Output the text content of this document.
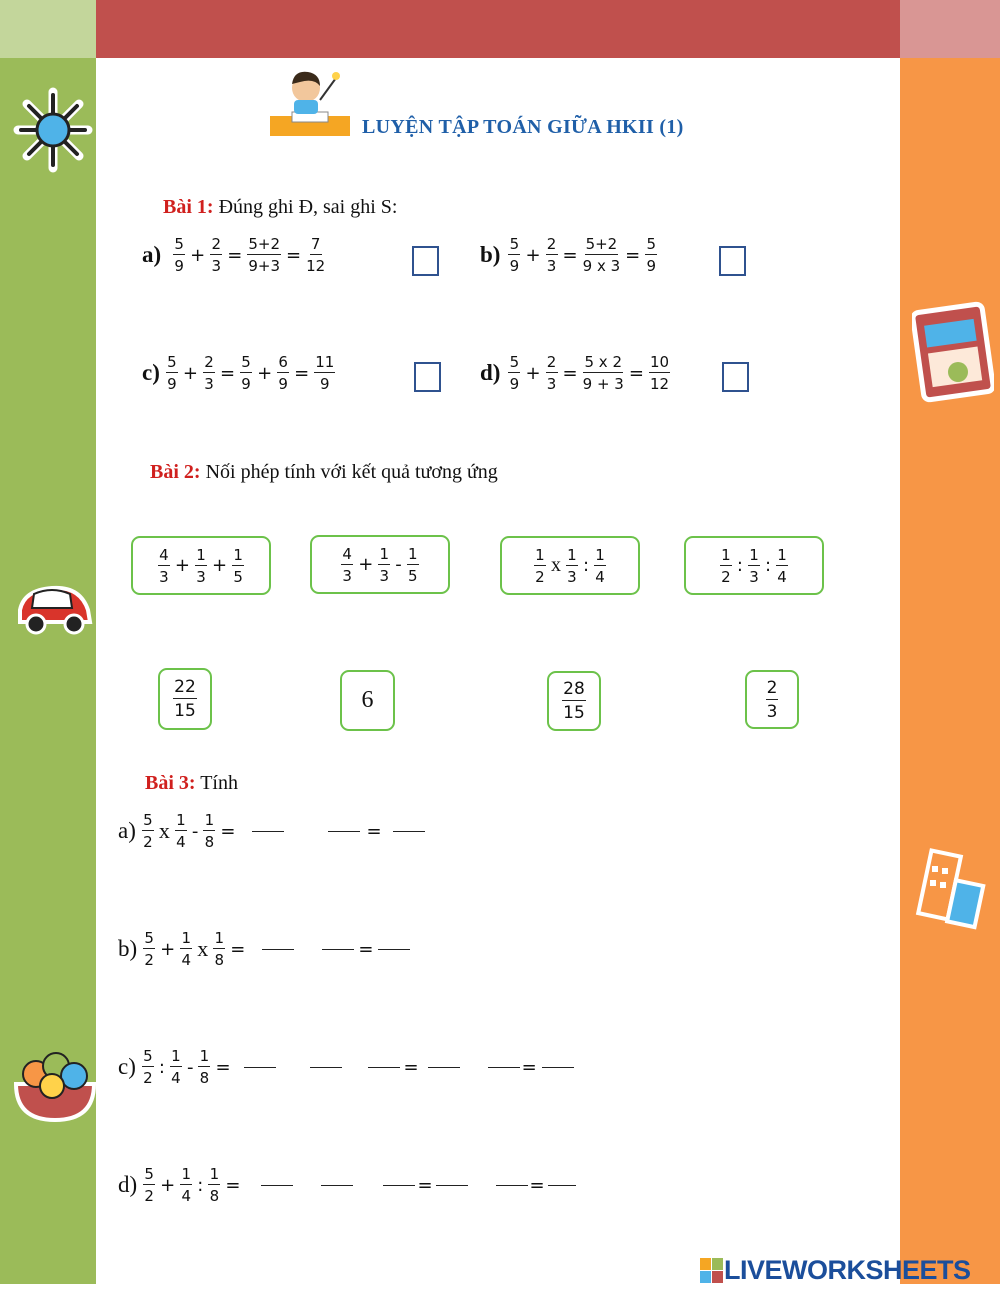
LUYỆN TẬP TOÁN GIỮA HKII (1)
Bài 1: Đúng ghi Đ, sai ghi S:
$a) \frac{5}{9} + \frac{2}{3} = \frac{5+2}{9+3} = \frac{7}{12}$	$b) \frac{5}{9} + \frac{2}{3} = \frac{5+2}{9 x 3} = \frac{5}{9}$
$c) \frac{5}{9} + \frac{2}{3} = \frac{5}{9} + \frac{6}{9} = \frac{11}{9}$	$d) \frac{5}{9} + \frac{2}{3} = \frac{5 x 2}{9 + 3} = \frac{10}{12}$
Bài 2: Nối phép tính với kết quả tương ứng
$\frac{4}{3} + \frac{1}{3} + \frac{1}{5}$	$\frac{4}{3} + \frac{1}{3} - \frac{1}{5}$	$\frac{1}{2}$ x $\frac{1}{3}$ : $\frac{1}{4}$	$\frac{1}{2}$ : $\frac{1}{3}$ : $\frac{1}{4}$
$\frac{22}{15}$	6	$\frac{28}{15}$	$\frac{2}{3}$
Bài 3: Tính
$a) \frac{5}{2}$ x $\frac{1}{4} - \frac{1}{8}$ =	=
$b) \frac{5}{2} + \frac{1}{4}$ x $\frac{1}{8}$ =	=
$c) \frac{5}{2}$ : $\frac{1}{4} - \frac{1}{8}$ =	=	=
$d) \frac{5}{2} + \frac{1}{4}$ : $\frac{1}{8}$ =	=	=
LIVEWORKSHEETS
